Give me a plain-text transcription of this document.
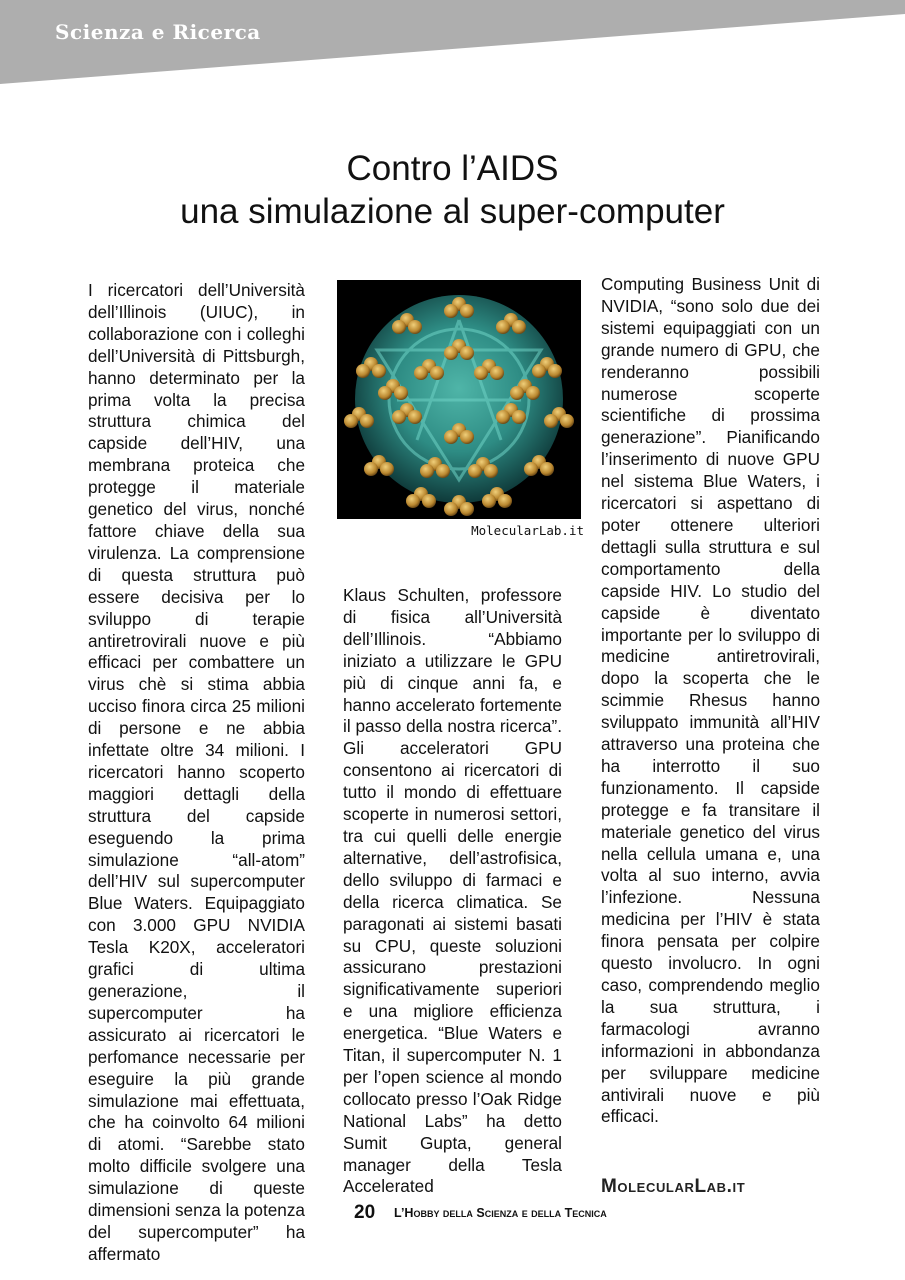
Scienza e Ricerca
Contro l’AIDS
una simulazione al super-computer
I ricercatori dell’Università dell’Illinois (UIUC), in collaborazione con i colleghi dell’Università di Pittsburgh, hanno determinato per la prima volta la precisa struttura chimica del capside dell’HIV, una membrana proteica che protegge il materiale genetico del virus, nonché fattore chiave della sua virulenza. La comprensione di questa struttura può essere decisiva per lo sviluppo di terapie antiretrovirali nuove e più efficaci per combattere un virus chè si stima abbia ucciso finora circa 25 milioni di persone e ne abbia infettate oltre 34 milioni. I ricercatori hanno scoperto maggiori dettagli della struttura del capside eseguendo la prima simulazione “all-atom” dell’HIV sul supercomputer Blue Waters. Equipaggiato con 3.000 GPU NVIDIA Tesla K20X, acceleratori grafici di ultima generazione, il supercomputer ha assicurato ai ricercatori le perfomance necessarie per eseguire la più grande simulazione mai effettuata, che ha coinvolto 64 milioni di atomi. “Sarebbe stato molto difficile svolgere una simulazione di queste dimensioni senza la potenza del supercomputer” ha affermato
MolecularLab.it
Klaus Schulten, professore di fisica all’Università dell’Illinois. “Abbiamo iniziato a utilizzare le GPU più di cinque anni fa, e hanno accelerato fortemente il passo della nostra ricerca”. Gli acceleratori GPU consentono ai ricercatori di tutto il mondo di effettuare scoperte in numerosi settori, tra cui quelli delle energie alternative, dell’astrofisica, dello sviluppo di farmaci e della ricerca climatica. Se paragonati ai sistemi basati su CPU, queste soluzioni assicurano prestazioni significativamente superiori e una migliore efficienza energetica. “Blue Waters e Titan, il supercomputer N. 1 per l’open science al mondo collocato presso l’Oak Ridge National Labs” ha detto Sumit Gupta, general manager della Tesla Accelerated
Computing Business Unit di NVIDIA, “sono solo due dei sistemi equipaggiati con un grande numero di GPU, che renderanno possibili numerose scoperte scientifiche di prossima generazione”. Pianificando l’inserimento di nuove GPU nel sistema Blue Waters, i ricercatori si aspettano di poter ottenere ulteriori dettagli sulla struttura e sul comportamento della capside HIV. Lo studio del capside è diventato importante per lo sviluppo di medicine antiretrovirali, dopo la scoperta che le scimmie Rhesus hanno sviluppato immunità all’HIV attraverso una proteina che ha interrotto il suo funzionamento. Il capside protegge e fa transitare il materiale genetico del virus nella cellula umana e, una volta al suo interno, avvia l’infezione. Nessuna medicina per l’HIV è stata finora pensata per colpire questo involucro. In ogni caso, comprendendo meglio la sua struttura, i farmacologi avranno informazioni in abbondanza per sviluppare medicine antivirali nuove e più efficaci.
MolecularLab.it
20 L’Hobby della Scienza e della Tecnica
